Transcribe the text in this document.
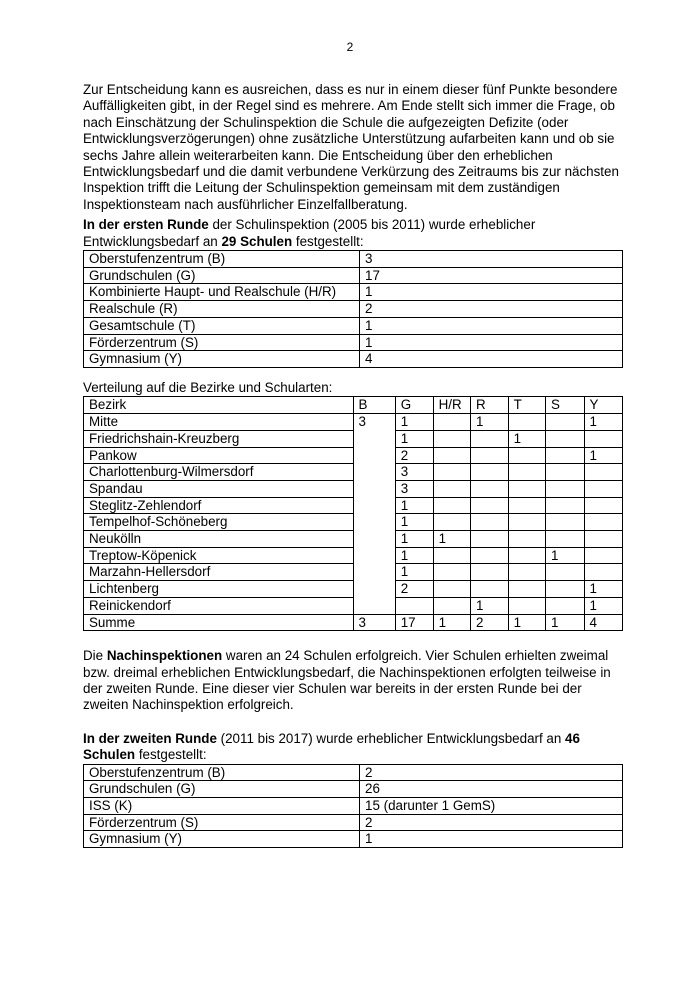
2

Zur Entscheidung kann es ausreichen, dass es nur in einem dieser fünf Punkte besondere Auffälligkeiten gibt, in der Regel sind es mehrere. Am Ende stellt sich immer die Frage, ob nach Einschätzung der Schulinspektion die Schule die aufgezeigten Defizite (oder Entwicklungsverzögerungen) ohne zusätzliche Unterstützung aufarbeiten kann und ob sie sechs Jahre allein weiterarbeiten kann. Die Entscheidung über den erheblichen Entwicklungsbedarf und die damit verbundene Verkürzung des Zeitraums bis zur nächsten Inspektion trifft die Leitung der Schulinspektion gemeinsam mit dem zuständigen Inspektionsteam nach ausführlicher Einzelfallberatung.

In der ersten Runde der Schulinspektion (2005 bis 2011) wurde erheblicher Entwicklungsbedarf an 29 Schulen festgestellt:

Oberstufenzentrum (B)	3
Grundschulen (G)	17
Kombinierte Haupt- und Realschule (H/R)	1
Realschule (R)	2
Gesamtschule (T)	1
Förderzentrum (S)	1
Gymnasium (Y)	4

Verteilung auf die Bezirke und Schularten:

Bezirk	B	G	H/R	R	T	S	Y
Mitte	3	1		1			1
Friedrichshain-Kreuzberg		1			1		
Pankow		2					1
Charlottenburg-Wilmersdorf		3					
Spandau		3					
Steglitz-Zehlendorf		1					
Tempelhof-Schöneberg		1					
Neukölln		1	1				
Treptow-Köpenick		1				1	
Marzahn-Hellersdorf		1					
Lichtenberg		2					1
Reinickendorf				1			1
Summe	3	17	1	2	1	1	4

Die Nachinspektionen waren an 24 Schulen erfolgreich. Vier Schulen erhielten zweimal bzw. dreimal erheblichen Entwicklungsbedarf, die Nachinspektionen erfolgten teilweise in der zweiten Runde. Eine dieser vier Schulen war bereits in der ersten Runde bei der zweiten Nachinspektion erfolgreich.

In der zweiten Runde (2011 bis 2017) wurde erheblicher Entwicklungsbedarf an 46 Schulen festgestellt:

Oberstufenzentrum (B)	2
Grundschulen (G)	26
ISS (K)	15 (darunter 1 GemS)
Förderzentrum (S)	2
Gymnasium (Y)	1
